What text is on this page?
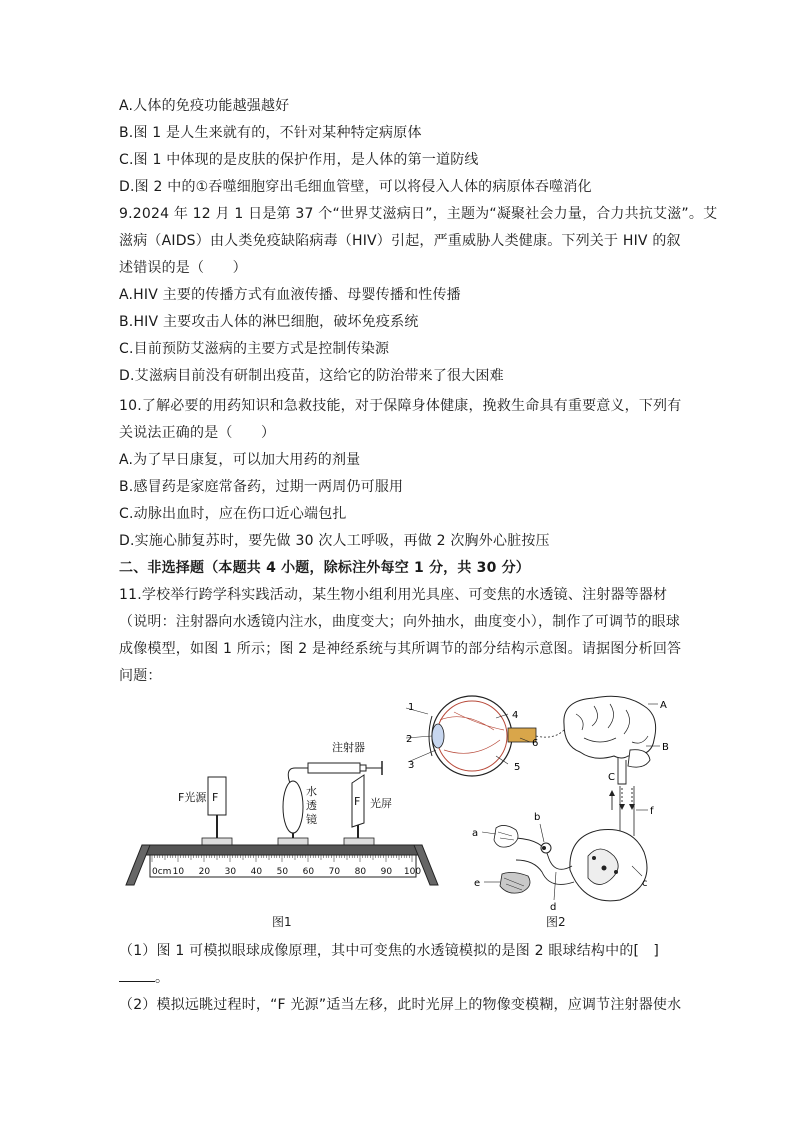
A.人体的免疫功能越强越好
B.图 1 是人生来就有的，不针对某种特定病原体
C.图 1 中体现的是皮肤的保护作用，是人体的第一道防线
D.图 2 中的①吞噬细胞穿出毛细血管壁，可以将侵入人体的病原体吞噬消化
9.2024 年 12 月 1 日是第 37 个“世界艾滋病日”，主题为“凝聚社会力量，合力共抗艾滋”。艾
滋病（AIDS）由人类免疫缺陷病毒（HIV）引起，严重威胁人类健康。下列关于 HIV 的叙
述错误的是（　　）
A.HIV 主要的传播方式有血液传播、母婴传播和性传播
B.HIV 主要攻击人体的淋巴细胞，破坏免疫系统
C.目前预防艾滋病的主要方式是控制传染源
D.艾滋病目前没有研制出疫苗，这给它的防治带来了很大困难
10.了解必要的用药知识和急救技能，对于保障身体健康，挽救生命具有重要意义，下列有
关说法正确的是（　　）
A.为了早日康复，可以加大用药的剂量
B.感冒药是家庭常备药，过期一两周仍可服用
C.动脉出血时，应在伤口近心端包扎
D.实施心肺复苏时，要先做 30 次人工呼吸，再做 2 次胸外心脏按压
二、非选择题（本题共 4 小题，除标注外每空 1 分，共 30 分）
11.学校举行跨学科实践活动，某生物小组利用光具座、可变焦的水透镜、注射器等器材
（说明：注射器向水透镜内注水，曲度变大；向外抽水，曲度变小），制作了可调节的眼球
成像模型，如图 1 所示；图 2 是神经系统与其所调节的部分结构示意图。请据图分析回答
问题：
注射器
F
F光源	水
透
镜
F 光屏
0cm 10 20 30 40 50 60 70 80 90 100
图1
1
2
3
4
5
6
A
B
C
f
c
b
d
a
e
图2
（1）图 1 可模拟眼球成像原理，其中可变焦的水透镜模拟的是图 2 眼球结构中的[　]
。
（2）模拟远眺过程时，“F 光源”适当左移，此时光屏上的物像变模糊，应调节注射器使水
